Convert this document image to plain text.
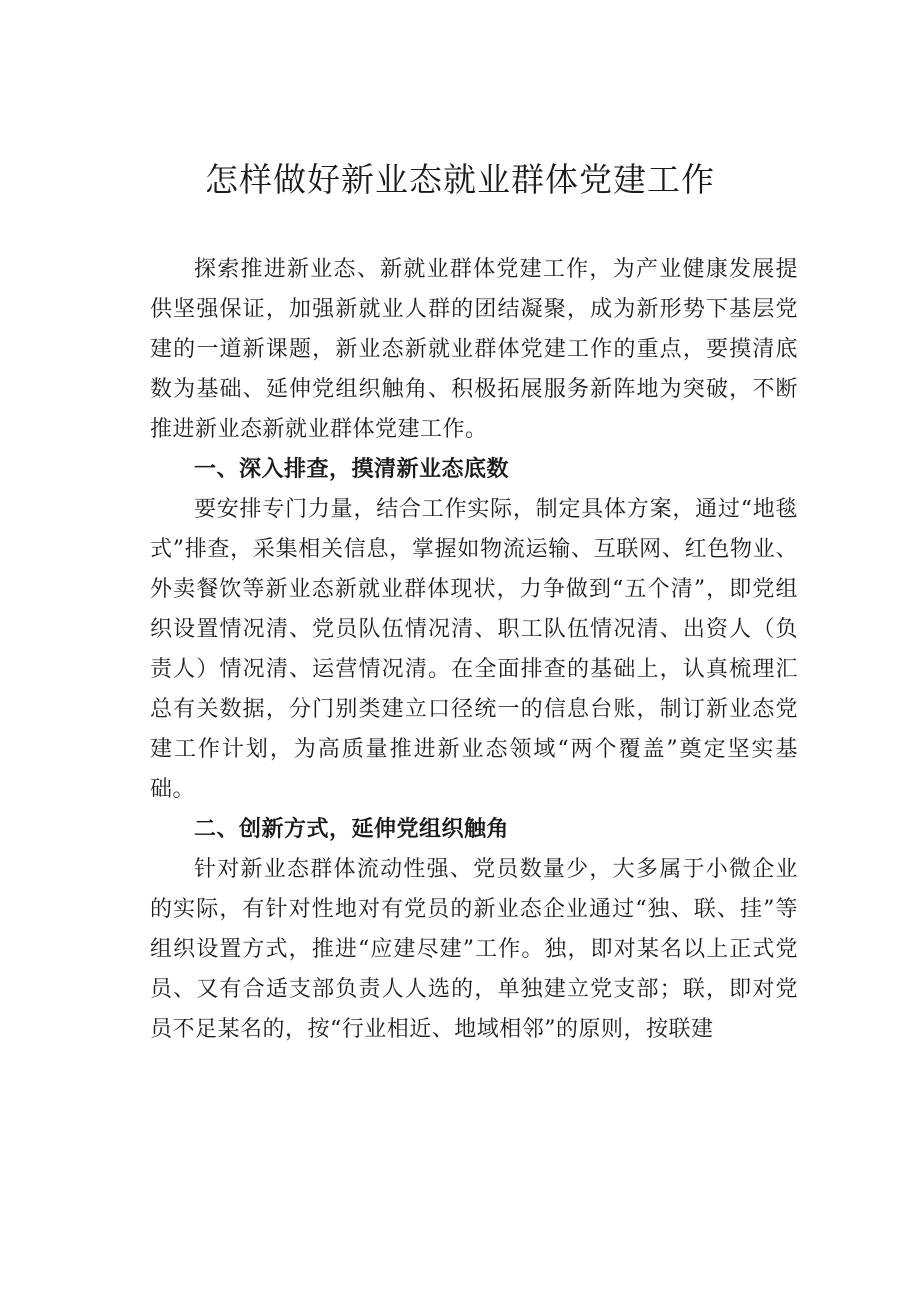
怎样做好新业态就业群体党建工作

探索推进新业态、新就业群体党建工作，为产业健康发展提供坚强保证，加强新就业人群的团结凝聚，成为新形势下基层党建的一道新课题，新业态新就业群体党建工作的重点，要摸清底数为基础、延伸党组织触角、积极拓展服务新阵地为突破，不断推进新业态新就业群体党建工作。

一、深入排查，摸清新业态底数

要安排专门力量，结合工作实际，制定具体方案，通过“地毯式”排查，采集相关信息，掌握如物流运输、互联网、红色物业、外卖餐饮等新业态新就业群体现状，力争做到“五个清”，即党组织设置情况清、党员队伍情况清、职工队伍情况清、出资人（负责人）情况清、运营情况清。在全面排查的基础上，认真梳理汇总有关数据，分门别类建立口径统一的信息台账，制订新业态党建工作计划，为高质量推进新业态领域“两个覆盖”奠定坚实基础。

二、创新方式，延伸党组织触角

针对新业态群体流动性强、党员数量少，大多属于小微企业的实际，有针对性地对有党员的新业态企业通过“独、联、挂”等组织设置方式，推进“应建尽建”工作。独，即对某名以上正式党员、又有合适支部负责人人选的，单独建立党支部；联，即对党员不足某名的，按“行业相近、地域相邻”的原则，按联建
